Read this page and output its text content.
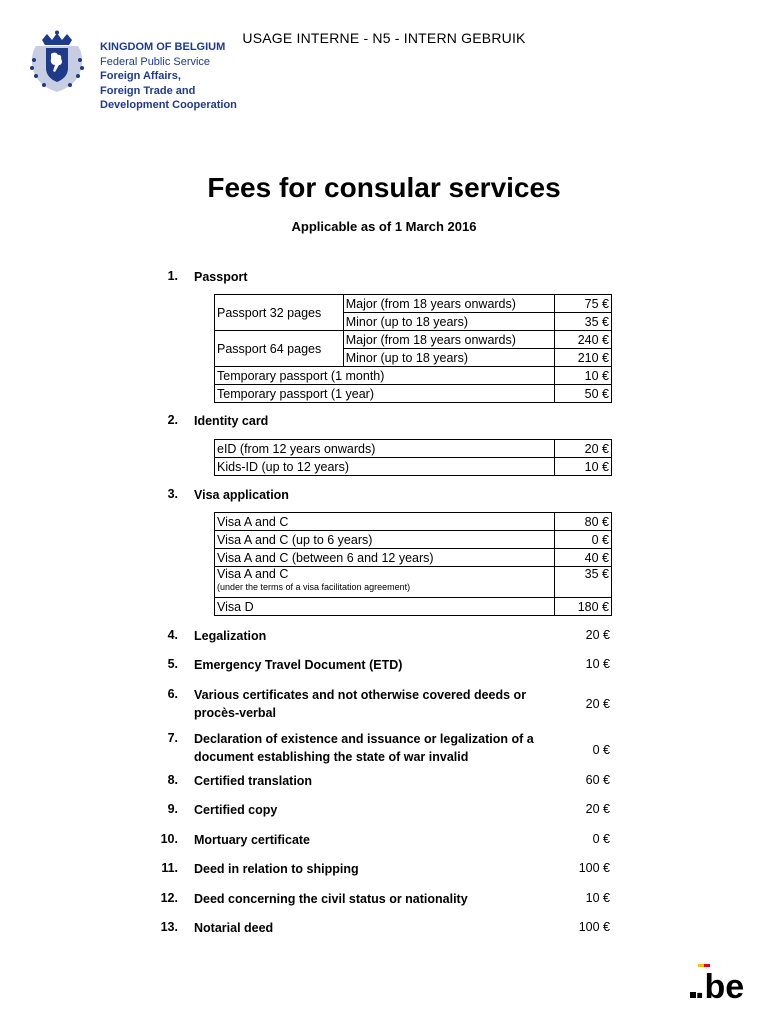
USAGE INTERNE - N5 - INTERN GEBRUIK
KINGDOM OF BELGIUM
Federal Public Service
Foreign Affairs,
Foreign Trade and
Development Cooperation
Fees for consular services
Applicable as of 1 March 2016
1. Passport
Passport 32 pages	Major (from 18 years onwards)	75 €
	Minor (up to 18 years)	35 €
Passport 64 pages	Major (from 18 years onwards)	240 €
	Minor (up to 18 years)	210 €
Temporary passport (1 month)		10 €
Temporary passport (1 year)		50 €
2. Identity card
eID (from 12 years onwards)	20 €
Kids-ID (up to 12 years)	10 €
3. Visa application
Visa A and C	80 €
Visa A and C (up to 6 years)	0 €
Visa A and C (between 6 and 12 years)	40 €
Visa A and C
(under the terms of a visa facilitation agreement)	35 €
Visa D	180 €
4. Legalization	20 €
5. Emergency Travel Document (ETD)	10 €
6. Various certificates and not otherwise covered deeds or procès-verbal
20 €
7. Declaration of existence and issuance or legalization of a document establishing the state of war invalid	0 €
8. Certified translation	60 €
9. Certified copy	20 €
10. Mortuary certificate	0 €
11. Deed in relation to shipping	100 €
12. Deed concerning the civil status or nationality	10 €
13. Notarial deed	100 €
.be
